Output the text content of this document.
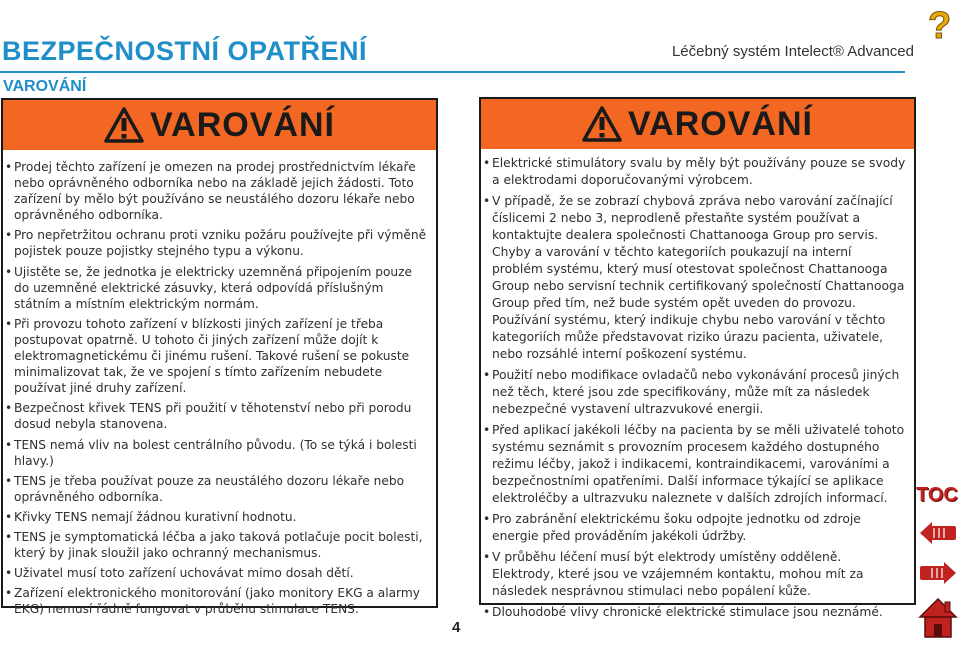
BEZPEČNOSTNÍ OPATŘENÍ	Léčebný systém Intelect® Advanced
VAROVÁNÍ
?
VAROVÁNÍ
• Prodej těchto zařízení je omezen na prodej prostřednictvím lékaře nebo oprávněného odborníka nebo na základě jejich žádosti. Toto zařízení by mělo být používáno se neustálého dozoru lékaře nebo oprávněného odborníka.
• Pro nepřetržitou ochranu proti vzniku požáru používejte při výměně pojistek pouze pojistky stejného typu a výkonu.
• Ujistěte se, že jednotka je elektricky uzemněná připojením pouze do uzemněné elektrické zásuvky, která odpovídá příslušným státním a místním elektrickým normám.
• Při provozu tohoto zařízení v blízkosti jiných zařízení je třeba postupovat opatrně. U tohoto či jiných zařízení může dojít k elektromagnetickému či jinému rušení. Takové rušení se pokuste minimalizovat tak, že ve spojení s tímto zařízením nebudete používat jiné druhy zařízení.
• Bezpečnost křivek TENS při použití v těhotenství nebo při porodu dosud nebyla stanovena.
• TENS nemá vliv na bolest centrálního původu. (To se týká i bolesti hlavy.)
• TENS je třeba používat pouze za neustálého dozoru lékaře nebo oprávněného odborníka.
• Křivky TENS nemají žádnou kurativní hodnotu.
• TENS je symptomatická léčba a jako taková potlačuje pocit bolesti, který by jinak sloužil jako ochranný mechanismus.
• Uživatel musí toto zařízení uchovávat mimo dosah dětí.
• Zařízení elektronického monitorování (jako monitory EKG a alarmy EKG) nemusí řádně fungovat v průběhu stimulace TENS.
VAROVÁNÍ
• Elektrické stimulátory svalu by měly být používány pouze se svody a elektrodami doporučovanými výrobcem.
• V případě, že se zobrazí chybová zpráva nebo varování začínající číslicemi 2 nebo 3, neprodleně přestaňte systém používat a kontaktujte dealera společnosti Chattanooga Group pro servis. Chyby a varování v těchto kategoriích poukazují na interní problém systému, který musí otestovat společnost Chattanooga Group nebo servisní technik certifikovaný společností Chattanooga Group před tím, než bude systém opět uveden do provozu. Používání systému, který indikuje chybu nebo varování v těchto kategoriích může představovat riziko úrazu pacienta, uživatele, nebo rozsáhlé interní poškození systému.
• Použití nebo modifikace ovladačů nebo vykonávání procesů jiných než těch, které jsou zde specifikovány, může mít za následek nebezpečné vystavení ultrazvukové energii.
• Před aplikací jakékoli léčby na pacienta by se měli uživatelé tohoto systému seznámit s provozním procesem každého dostupného režimu léčby, jakož i indikacemi, kontraindikacemi, varováními a bezpečnostními opatřeními. Další informace týkající se aplikace elektroléčby a ultrazvuku naleznete v dalších zdrojích informací.
• Pro zabránění elektrickému šoku odpojte jednotku od zdroje energie před prováděním jakékoli údržby.
• V průběhu léčení musí být elektrody umístěny odděleně. Elektrody, které jsou ve vzájemném kontaktu, mohou mít za následek nesprávnou stimulaci nebo popálení kůže.
• Dlouhodobé vlivy chronické elektrické stimulace jsou neznámé.
4
TOC
